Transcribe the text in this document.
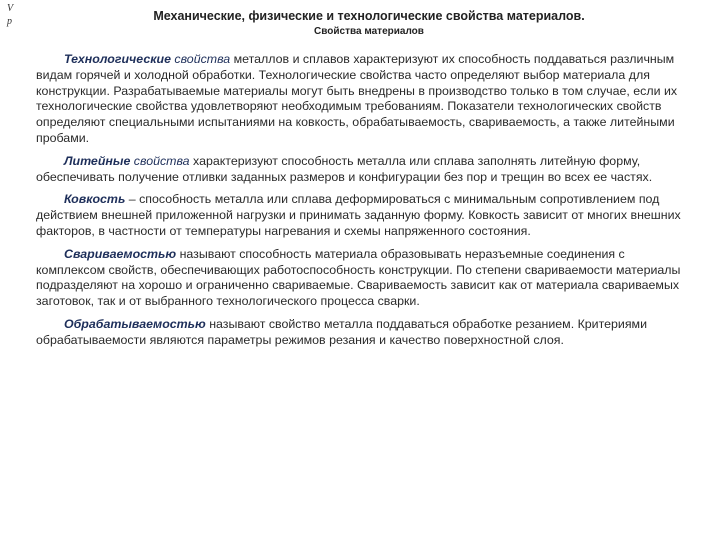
V
p	Механические, физические и технологические свойства материалов.
Свойства материалов

Технологические свойства металлов и сплавов характеризуют их способность поддаваться различным видам горячей и холодной обработки. Технологические свойства часто определяют выбор материала для конструкции. Разрабатываемые материалы могут быть внедрены в производство только в том случае, если их технологические свойства удовлетворяют необходимым требованиям. Показатели технологических свойств определяют специальными испытаниями на ковкость, обрабатываемость, свариваемость, а также литейными пробами.

Литейные свойства характеризуют способность металла или сплава заполнять литейную форму, обеспечивать получение отливки заданных размеров и конфигурации без пор и трещин во всех ее частях.

Ковкость – способность металла или сплава деформироваться с минимальным сопротивлением под действием внешней приложенной нагрузки и принимать заданную форму. Ковкость зависит от многих внешних факторов, в частности от температуры нагревания и схемы напряженного состояния.

Свариваемостью называют способность материала образовывать неразъемные соединения с комплексом свойств, обеспечивающих работоспособность конструкции. По степени свариваемости материалы подразделяют на хорошо и ограниченно свариваемые. Свариваемость зависит как от материала свариваемых заготовок, так и от выбранного технологического процесса сварки.

Обрабатываемостью называют свойство металла поддаваться обработке резанием. Критериями обрабатываемости являются параметры режимов резания и качество поверхностной слоя.
